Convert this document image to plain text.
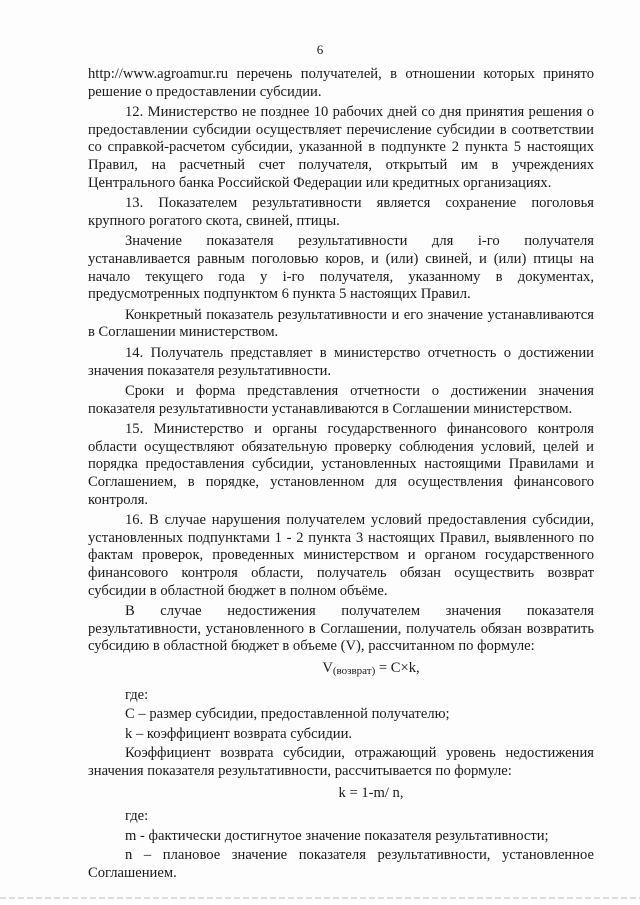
6

http://www.agroamur.ru перечень получателей, в отношении которых принято решение о предоставлении субсидии.

12. Министерство не позднее 10 рабочих дней со дня принятия решения о предоставлении субсидии осуществляет перечисление субсидии в соответствии со справкой-расчетом субсидии, указанной в подпункте 2 пункта 5 настоящих Правил, на расчетный счет получателя, открытый им в учреждениях Центрального банка Российской Федерации или кредитных организациях.

13. Показателем результативности является сохранение поголовья крупного рогатого скота, свиней, птицы.

Значение показателя результативности для i-го получателя устанавливается равным поголовью коров, и (или) свиней, и (или) птицы на начало текущего года у i-го получателя, указанному в документах, предусмотренных подпунктом 6 пункта 5 настоящих Правил.

Конкретный показатель результативности и его значение устанавливаются в Соглашении министерством.

14. Получатель представляет в министерство отчетность о достижении значения показателя результативности.

Сроки и форма представления отчетности о достижении значения показателя результативности устанавливаются в Соглашении министерством.

15. Министерство и органы государственного финансового контроля области осуществляют обязательную проверку соблюдения условий, целей и порядка предоставления субсидии, установленных настоящими Правилами и Соглашением, в порядке, установленном для осуществления финансового контроля.

16. В случае нарушения получателем условий предоставления субсидии, установленных подпунктами 1 - 2 пункта 3 настоящих Правил, выявленного по фактам проверок, проведенных министерством и органом государственного финансового контроля области, получатель обязан осуществить возврат субсидии в областной бюджет в полном объёме.

В случае недостижения получателем значения показателя результативности, установленного в Соглашении, получатель обязан возвратить субсидию в областной бюджет в объеме (V), рассчитанном по формуле:

$V_{(возврат)} = C\times k$,
где:

C – размер субсидии, предоставленной получателю;

k – коэффициент возврата субсидии.

Коэффициент возврата субсидии, отражающий уровень недостижения значения показателя результативности, рассчитывается по формуле:

k = 1-m/ n,
где:

m - фактически достигнутое значение показателя результативности;

n – плановое значение показателя результативности, установленное Соглашением.
